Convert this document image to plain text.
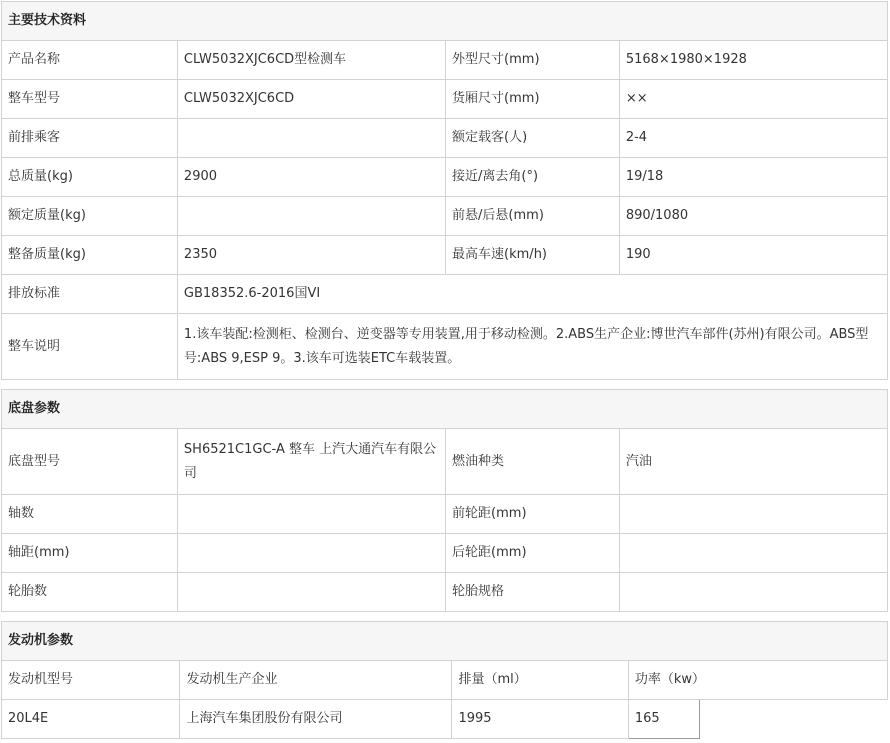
主要技术资料			
产品名称	CLW5032XJC6CD型检测车	外型尺寸(mm)	5168×1980×1928
整车型号	CLW5032XJC6CD	货厢尺寸(mm)	××
前排乘客		额定载客(人)	2-4
总质量(kg)	2900	接近/离去角(°)	19/18
额定质量(kg)		前悬/后悬(mm)	890/1080
整备质量(kg)	2350	最高车速(km/h)	190
排放标准	GB18352.6-2016国VI		
整车说明	1.该车装配:检测柜、检测台、逆变器等专用装置,用于移动检测。2.ABS生产企业:博世汽车部件(苏州)有限公司。ABS型号:ABS 9,ESP 9。3.该车可选装ETC车载装置。		
底盘参数			
底盘型号	SH6521C1GC-A 整车 上汽大通汽车有限公司	燃油种类	汽油
轴数		前轮距(mm)	
轴距(mm)		后轮距(mm)	
轮胎数		轮胎规格	
发动机参数				
发动机型号	发动机生产企业	排量（ml）	功率（kw）	
20L4E	上海汽车集团股份有限公司	1995	165	
